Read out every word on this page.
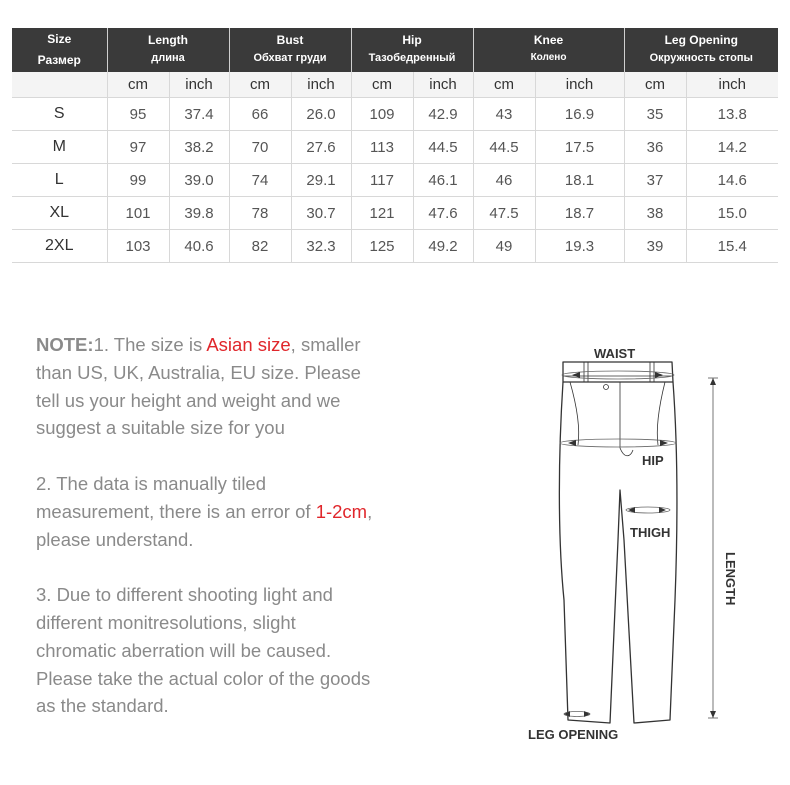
Size
Размер	Length		Bust		Hip		Knee		Leg Opening	
	длина		Обхват груди		Тазобедренный		Колено		Окружность стопы	
	cm	inch	cm	inch	cm	inch	cm	inch	cm	inch
S	95	37.4	66	26.0	109	42.9	43	16.9	35	13.8
M	97	38.2	70	27.6	113	44.5	44.5	17.5	36	14.2
L	99	39.0	74	29.1	117	46.1	46	18.1	37	14.6
XL	101	39.8	78	30.7	121	47.6	47.5	18.7	38	15.0
2XL	103	40.6	82	32.3	125	49.2	49	19.3	39	15.4

NOTE:1. The size is Asian size, smaller than US, UK, Australia, EU size. Please tell us your height and weight and we suggest a suitable size for you

2. The data is manually tiled measurement, there is an error of 1-2cm, please understand.

3. Due to different shooting light and different monitresolutions, slight chromatic aberration will be caused. Please take the actual color of the goods as the standard.

WAIST
HIP
THIGH
LEG OPENING
LENGTH
